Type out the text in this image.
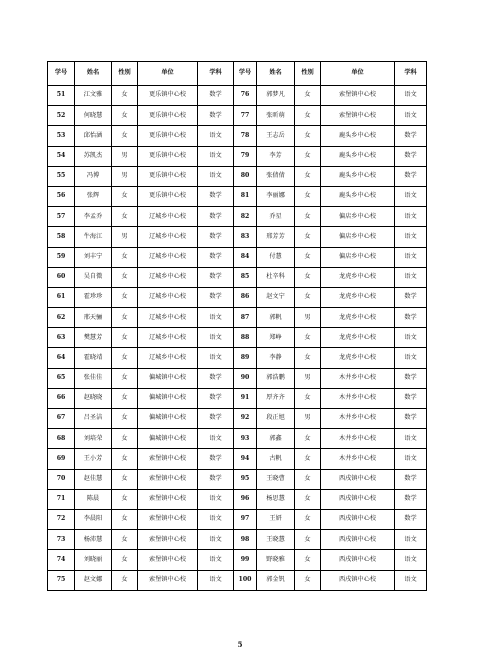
学号	姓名	性别	单位	学科	学号	姓名	性别	单位	学科
51	江文雅	女	更乐镇中心校	数学	76	郭梦凡	女	索堡镇中心校	语文
52	何晓慧	女	更乐镇中心校	数学	77	张昕萌	女	索堡镇中心校	语文
53	邱怡涵	女	更乐镇中心校	语文	78	王志岳	女	鹿头乡中心校	数学
54	苏凯杰	男	更乐镇中心校	语文	79	李芳	女	鹿头乡中心校	数学
55	冯博	男	更乐镇中心校	语文	80	张倩倩	女	鹿头乡中心校	数学
56	张辉	女	更乐镇中心校	数学	81	李丽娜	女	鹿头乡中心校	语文
57	李孟乔	女	辽城乡中心校	数学	82	乔星	女	偏店乡中心校	语文
58	牛海江	男	辽城乡中心校	数学	83	邢芳芳	女	偏店乡中心校	语文
59	刘丰宁	女	辽城乡中心校	数学	84	付慧	女	偏店乡中心校	语文
60	吴自微	女	辽城乡中心校	数学	85	杜辛科	女	龙虎乡中心校	语文
61	霍珍珍	女	辽城乡中心校	数学	86	赵文宁	女	龙虎乡中心校	数学
62	邢天骊	女	辽城乡中心校	语文	87	郭帆	男	龙虎乡中心校	数学
63	樊慧芳	女	辽城乡中心校	语文	88	郑峥	女	龙虎乡中心校	语文
64	霍晓靖	女	辽城乡中心校	语文	89	李静	女	龙虎乡中心校	语文
65	张佳佳	女	偏城镇中心校	数学	90	郭浩鹏	男	木井乡中心校	数学
66	赵晓晓	女	偏城镇中心校	数学	91	厚齐齐	女	木井乡中心校	数学
67	吕圣洁	女	偏城镇中心校	数学	92	段正旭	男	木井乡中心校	数学
68	刘培荣	女	偏城镇中心校	语文	93	郭鑫	女	木井乡中心校	语文
69	王小芳	女	索堡镇中心校	数学	94	古帆	女	木井乡中心校	语文
70	赵佳慧	女	索堡镇中心校	数学	95	王晓曹	女	西戌镇中心校	数学
71	陈晨	女	索堡镇中心校	语文	96	杨思慧	女	西戌镇中心校	数学
72	李晨阳	女	索堡镇中心校	语文	97	王妍	女	西戌镇中心校	数学
73	杨沛慧	女	索堡镇中心校	语文	98	王晓慧	女	西戌镇中心校	语文
74	刘晓丽	女	索堡镇中心校	语文	99	野晓雅	女	西戌镇中心校	语文
75	赵文娜	女	索堡镇中心校	语文	100	郭金钒	女	西戌镇中心校	语文
5
